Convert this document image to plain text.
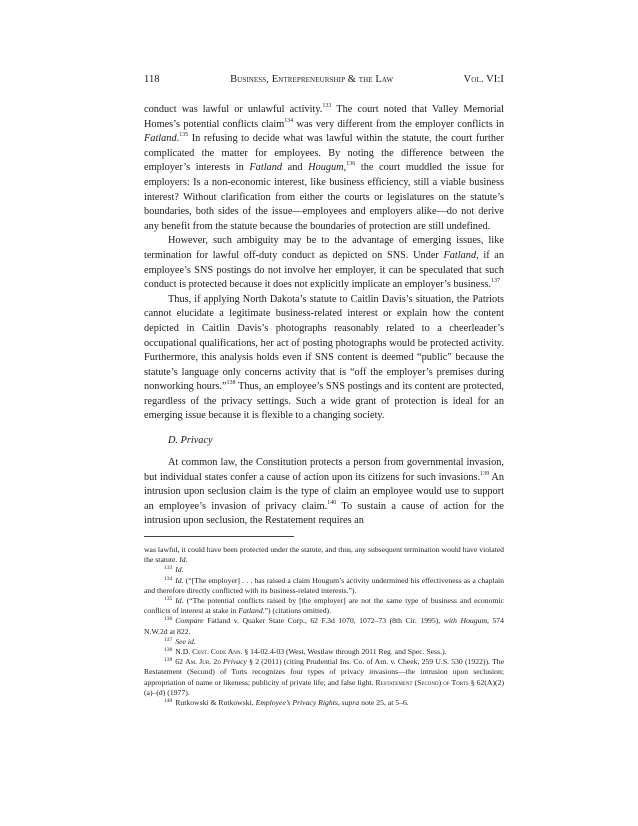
118	Business, Entrepreneurship & the Law	Vol. VI:I

conduct was lawful or unlawful activity.$^{133}$ The court noted that Valley Memorial Homes’s potential conflicts claim$^{134}$ was very different from the employer conflicts in Fatland.$^{135}$ In refusing to decide what was lawful within the statute, the court further complicated the matter for employees. By noting the difference between the employer’s interests in Fatland and Hougum,$^{136}$ the court muddled the issue for employers: Is a non-economic interest, like business efficiency, still a viable business interest? Without clarification from either the courts or legislatures on the statute’s boundaries, both sides of the issue—employees and employers alike—do not derive any benefit from the statute because the boundaries of protection are still undefined.

However, such ambiguity may be to the advantage of emerging issues, like termination for lawful off-duty conduct as depicted on SNS. Under Fatland, if an employee’s SNS postings do not involve her employer, it can be speculated that such conduct is protected because it does not explicitly implicate an employer’s business.$^{137}$

Thus, if applying North Dakota’s statute to Caitlin Davis’s situation, the Patriots cannot elucidate a legitimate business-related interest or explain how the content depicted in Caitlin Davis’s photographs reasonably related to a cheerleader’s occupational qualifications, her act of posting photographs would be protected activity. Furthermore, this analysis holds even if SNS content is deemed “public” because the statute’s language only concerns activity that is “off the employer’s premises during nonworking hours.”$^{138}$ Thus, an employee’s SNS postings and its content are protected, regardless of the privacy settings. Such a wide grant of protection is ideal for an emerging issue because it is flexible to a changing society.

D. Privacy

At common law, the Constitution protects a person from governmental invasion, but individual states confer a cause of action upon its citizens for such invasions.$^{139}$ An intrusion upon seclusion claim is the type of claim an employee would use to support an employee’s invasion of privacy claim.$^{140}$ To sustain a cause of action for the intrusion upon seclusion, the Restatement requires an

was lawful, it could have been protected under the statute, and thus, any subsequent termination would have violated the statute. Id.

$^{133}$ Id.

$^{134}$ Id. (“[The employer] . . . has raised a claim Hougum’s activity undermined his effectiveness as a chaplain and therefore directly conflicted with its business-related interests.”).

$^{135}$ Id. (“The potential conflicts raised by [the employer] are not the same type of business and economic conflicts of interest at stake in Fatland.”) (citations omitted).

$^{136}$ Compare Fatland v. Quaker State Corp., 62 F.3d 1070, 1072–73 (8th Cir. 1995), with Hougum, 574 N.W.2d at 822.

$^{137}$ See id.

$^{138}$ N.D. Cent. Code Ann. § 14-02.4-03 (West, Westlaw through 2011 Reg. and Spec. Sess.).

$^{139}$ 62 Am. Jur. 2d Privacy § 2 (2011) (citing Prudential Ins. Co. of Am. v. Cheek, 259 U.S. 530 (1922)). The Restatement (Second) of Torts recognizes four types of privacy invasions—the intrusion upon seclusion; appropriation of name or likeness; publicity of private life; and false light. Restatement (Second) of Torts § 62(A)(2)(a)–(d) (1977).

$^{140}$ Rutkowski & Rutkowski, Employee’s Privacy Rights, supra note 25, at 5–6.
